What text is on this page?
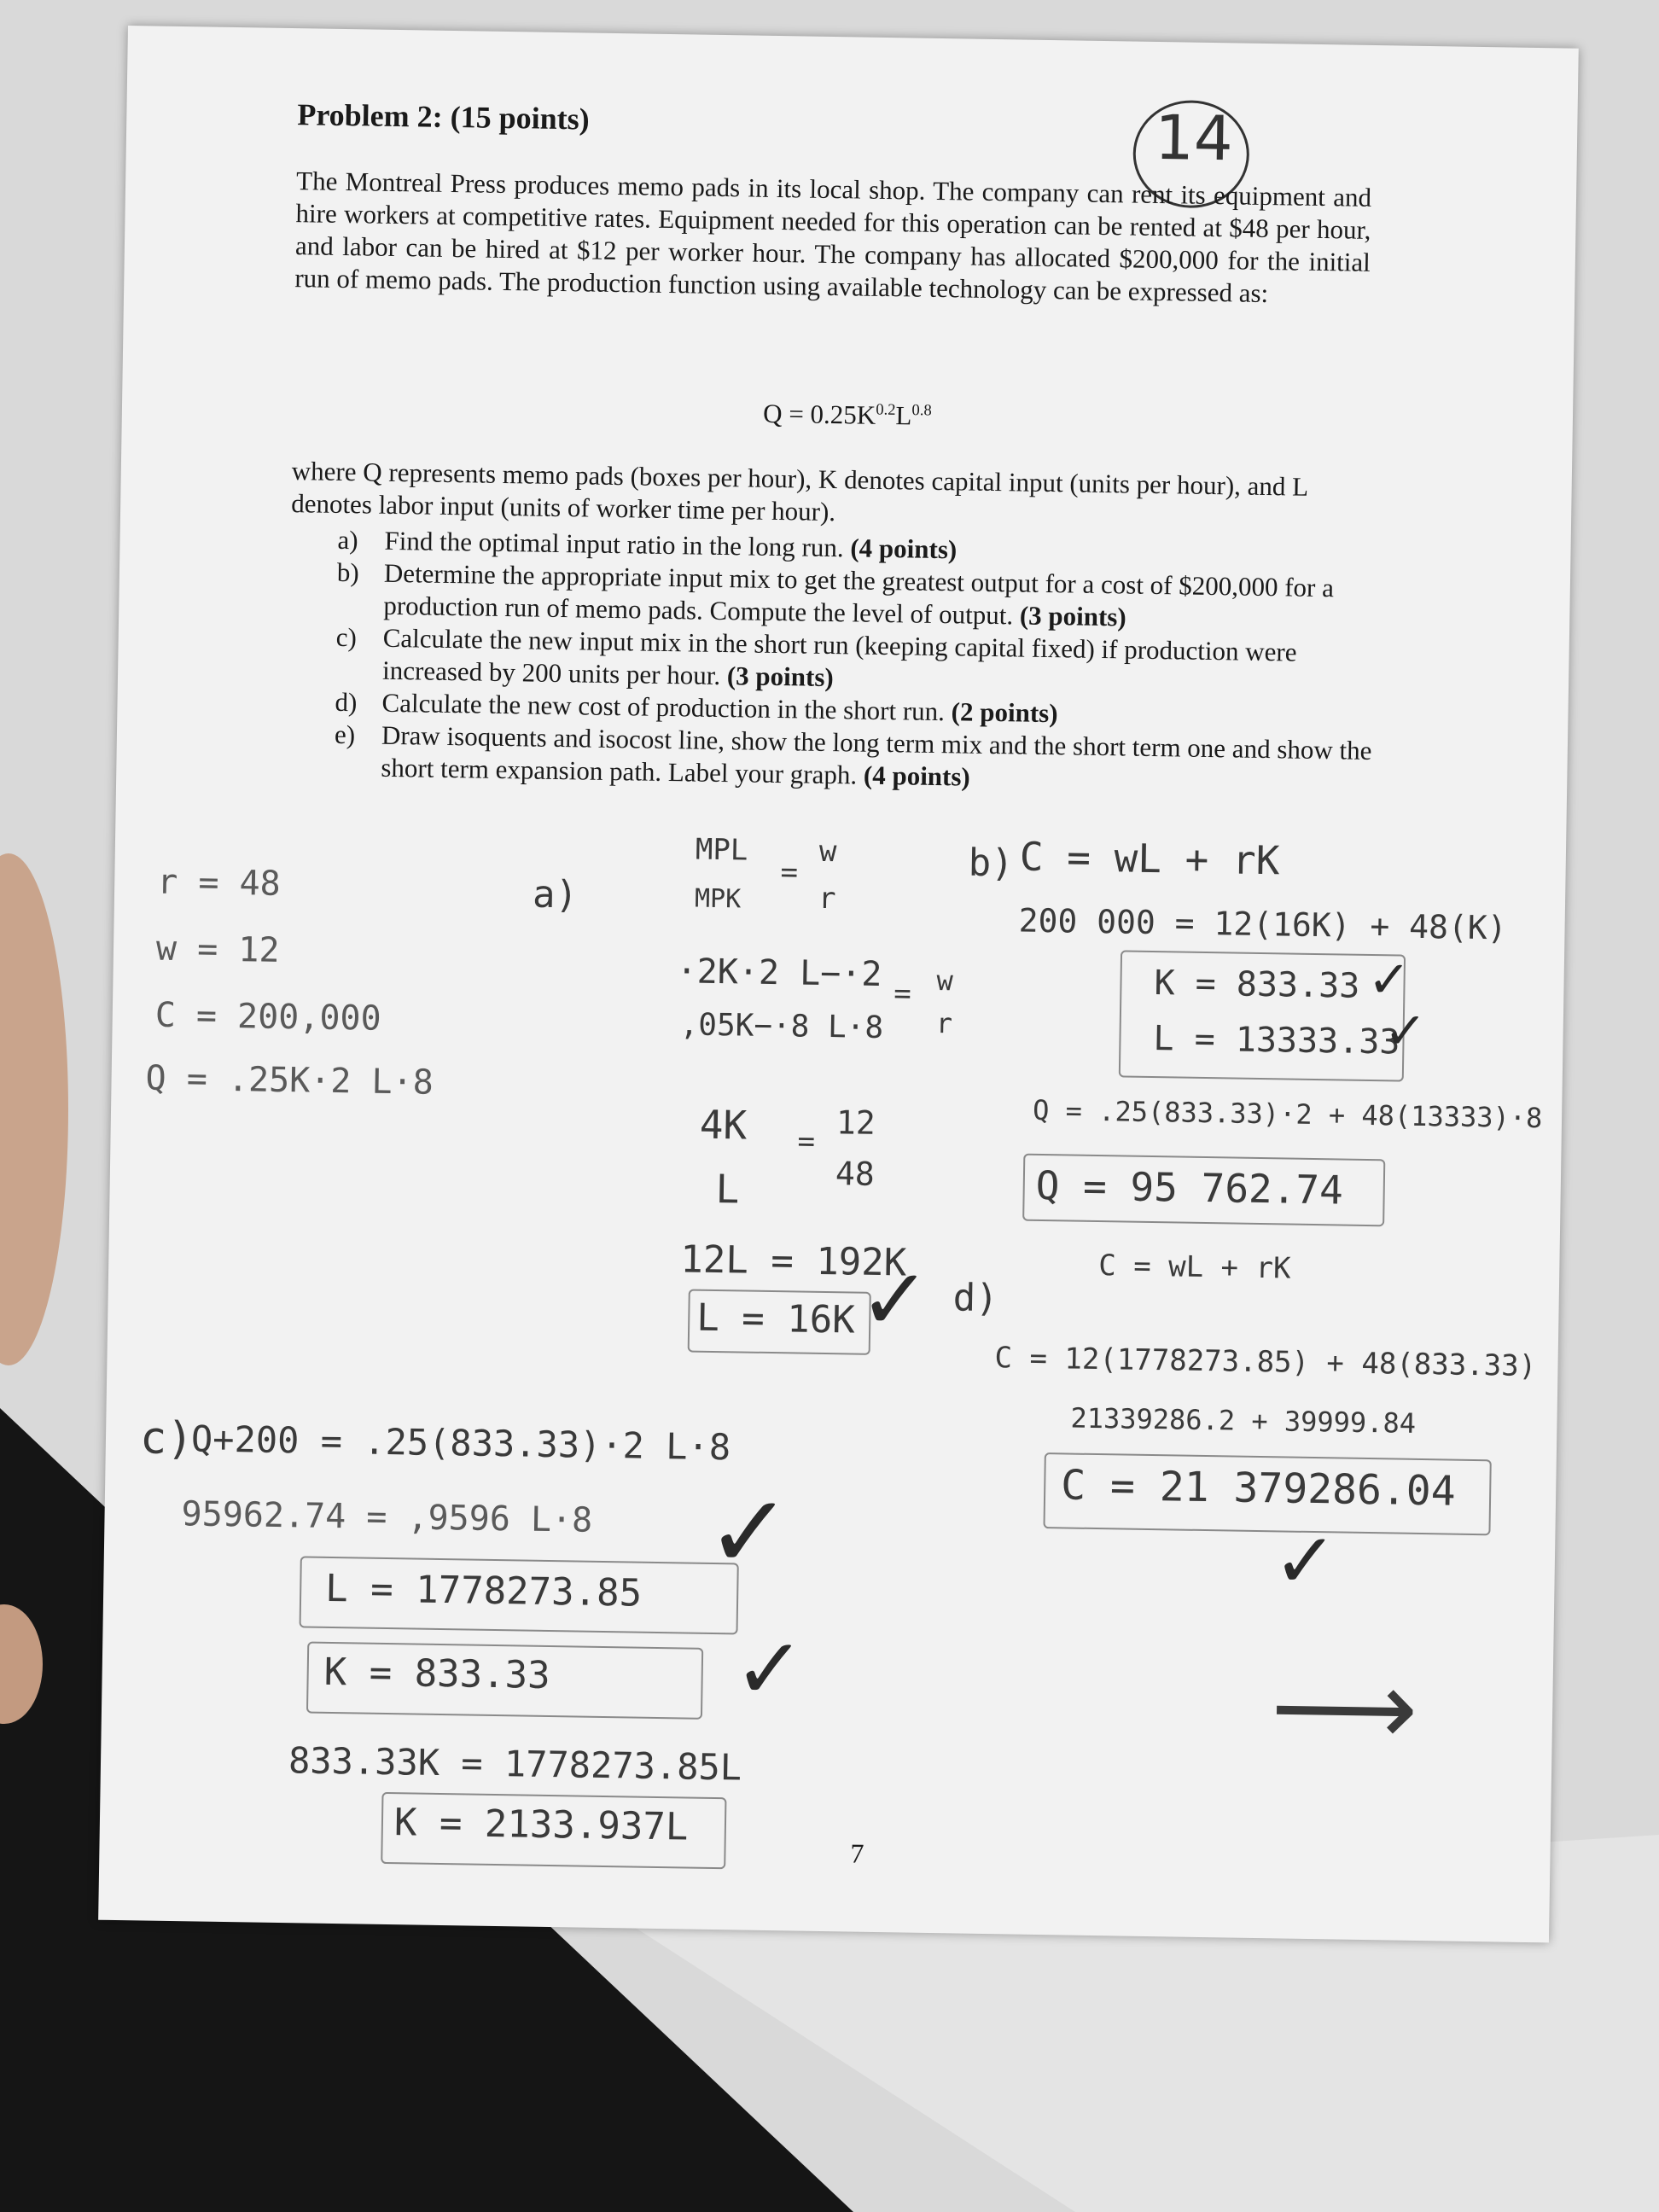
Problem 2: (15 points)	14
The Montreal Press produces memo pads in its local shop. The company can rent its equipment and hire workers at competitive rates. Equipment needed for this operation can be rented at $48 per hour, and labor can be hired at $12 per worker hour. The company has allocated $200,000 for the initial run of memo pads. The production function using available technology can be expressed as:
$Q = 0.25K^{0.2}L^{0.8}$
where Q represents memo pads (boxes per hour), K denotes capital input (units per hour), and L denotes labor input (units of worker time per hour).
a) Find the optimal input ratio in the long run. (4 points)
b) Determine the appropriate input mix to get the greatest output for a cost of $200,000 for a production run of memo pads. Compute the level of output. (3 points)
c) Calculate the new input mix in the short run (keeping capital fixed) if production were increased by 200 units per hour. (3 points)
d) Calculate the new cost of production in the short run. (2 points)
e) Draw isoquents and isocost line, show the long term mix and the short term one and show the short term expansion path. Label your graph. (4 points)
r = 48
w = 12
C = 200,000
Q = .25K·2 L·8
a)
MPL
=
w
MPK	r
·2K·2 L−·2 = w
,05K−·8 L·8 r
4K = 12
L	48
12L = 192K
L = 16K ✓
b) C = wL + rK
200 000 = 12(16K) + 48(K)
K = 833.33
L = 13333.33
✓
✓
Q = .25(833.33)·2 + 48(13333)·8
Q = 95 762.74
C = wL + rK
d)
C = 12(1778273.85) + 48(833.33)
21339286.2 + 39999.84
C = 21 379286.04
✓
⟶
c)
Q+200 = .25(833.33)·2 L·8
95962.74 = ,9596 L·8
L = 1778273.85 ✓
K = 833.33 ✓
833.33K = 1778273.85L
K = 2133.937L
7
